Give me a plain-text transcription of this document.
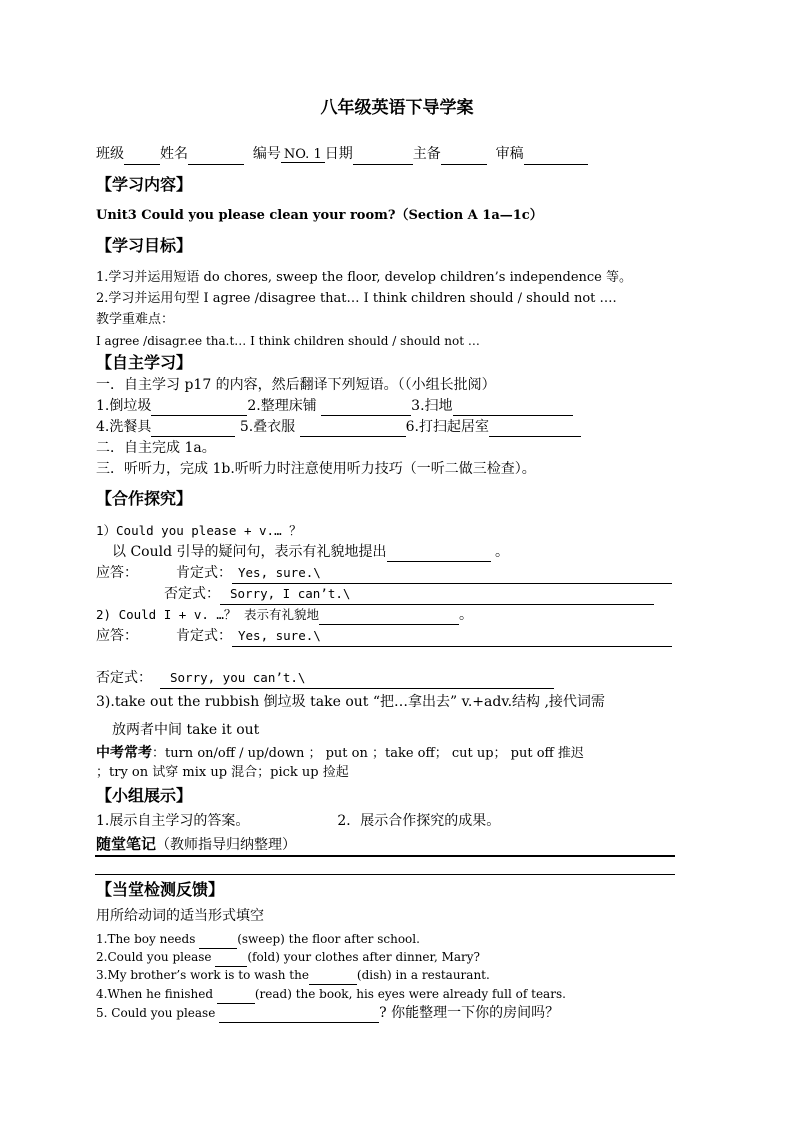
八年级英语下导学案
班级	姓名	编号 NO. 1 日期	主备	审稿
【学习内容】
Unit3 Could you please clean your room?（Section A 1a—1c）
【学习目标】
1.学习并运用短语 do chores, sweep the floor, develop children’s independence 等。
2.学习并运用句型 I agree /disagree that… I think children should / should not ….
教学重难点：
I agree /disagr.ee tha.t… I think children should / should not …
【自主学习】
一．自主学习 p17 的内容，然后翻译下列短语。（（小组长批阅）
1.倒垃圾	2.整理床铺	3.扫地
4.洗餐具	5.叠衣服	6.打扫起居室
二．自主完成 1a。
三．听听力，完成 1b.听听力时注意使用听力技巧（一听二做三检查）。
【合作探究】
1）Could you please + v.… ？
以 Could 引导的疑问句，表示有礼貌地提出	。
应答：	肯定式： Yes, sure.\
否定式： Sorry, I can’t.\
2) Could I + v. …？ 表示有礼貌地	。
应答：	肯定式： Yes, sure.\
否定式： Sorry, you can’t.\
3).take out the rubbish 倒垃圾 take out “把…拿出去” v.+adv.结构 ,接代词需
放两者中间 take it out
中考常考：turn on/off / up/down ； put on ；take off； cut up； put off 推迟
；try on 试穿 mix up 混合；pick up 捡起
【小组展示】
1.展示自主学习的答案。	2．展示合作探究的成果。
随堂笔记（教师指导归纳整理）
【当堂检测反馈】
用所给动词的适当形式填空
1.The boy needs	(sweep) the floor after school.
2.Could you please	(fold) your clothes after dinner, Mary?
3.My brother’s work is to wash the	(dish) in a restaurant.
4.When he finished	(read) the book, his eyes were already full of tears.
5. Could you please	? 你能整理一下你的房间吗？
